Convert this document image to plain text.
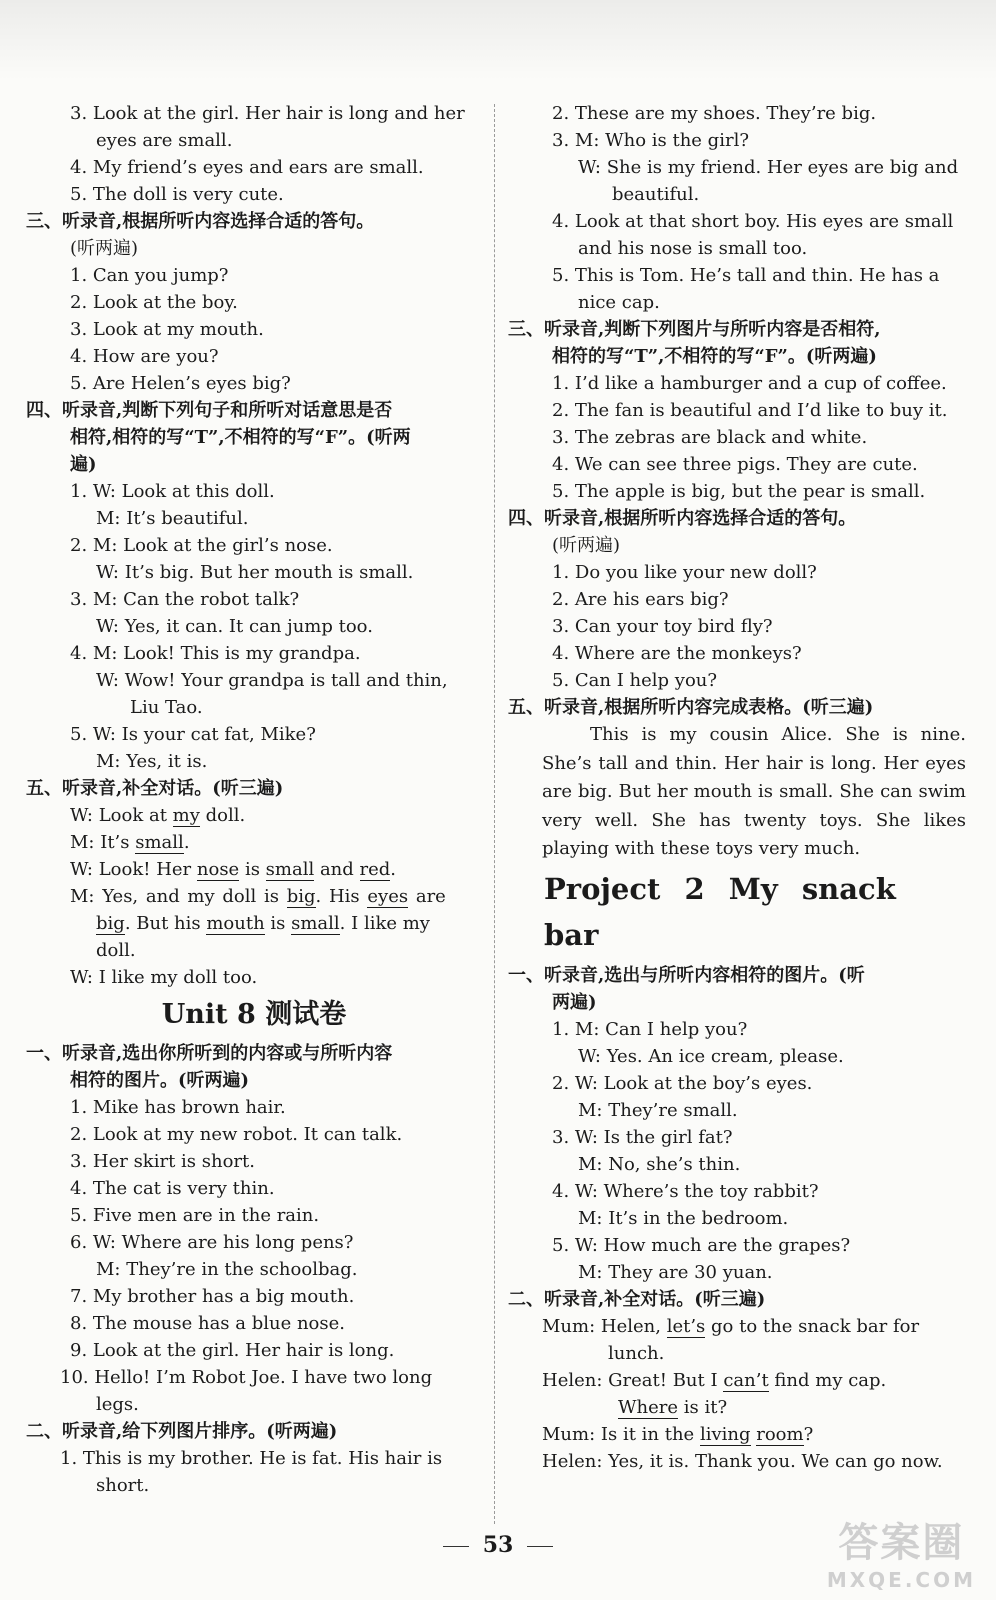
3. Look at the girl. Her hair is long and her
eyes are small.
4. My friend’s eyes and ears are small.
5. The doll is very cute.
三、听录音,根据所听内容选择合适的答句。
(听两遍)
1. Can you jump?
2. Look at the boy.
3. Look at my mouth.
4. How are you?
5. Are Helen’s eyes big?
四、听录音,判断下列句子和所听对话意思是否
相符,相符的写“T”,不相符的写“F”。(听两
遍)
1. W: Look at this doll.
M: It’s beautiful.
2. M: Look at the girl’s nose.
W: It’s big. But her mouth is small.
3. M: Can the robot talk?
W: Yes, it can. It can jump too.
4. M: Look! This is my grandpa.
W: Wow! Your grandpa is tall and thin,
Liu Tao.
5. W: Is your cat fat, Mike?
M: Yes, it is.
五、听录音,补全对话。(听三遍)
W: Look at my doll.
M: It’s small.
W: Look! Her nose is small and red.
M: Yes, and my doll is big. His eyes are
big. But his mouth is small. I like my
doll.
W: I like my doll too.
Unit 8 测试卷
一、听录音,选出你所听到的内容或与所听内容
相符的图片。(听两遍)
1. Mike has brown hair.
2. Look at my new robot. It can talk.
3. Her skirt is short.
4. The cat is very thin.
5. Five men are in the rain.
6. W: Where are his long pens?
M: They’re in the schoolbag.
7. My brother has a big mouth.
8. The mouse has a blue nose.
9. Look at the girl. Her hair is long.
10. Hello! I’m Robot Joe. I have two long
legs.
二、听录音,给下列图片排序。(听两遍)
1. This is my brother. He is fat. His hair is
short.
2. These are my shoes. They’re big.
3. M: Who is the girl?
W: She is my friend. Her eyes are big and
beautiful.
4. Look at that short boy. His eyes are small
and his nose is small too.
5. This is Tom. He’s tall and thin. He has a
nice cap.
三、听录音,判断下列图片与所听内容是否相符,
相符的写“T”,不相符的写“F”。(听两遍)
1. I’d like a hamburger and a cup of coffee.
2. The fan is beautiful and I’d like to buy it.
3. The zebras are black and white.
4. We can see three pigs. They are cute.
5. The apple is big, but the pear is small.
四、听录音,根据所听内容选择合适的答句。
(听两遍)
1. Do you like your new doll?
2. Are his ears big?
3. Can your toy bird fly?
4. Where are the monkeys?
5. Can I help you?
五、听录音,根据所听内容完成表格。(听三遍)
This is my cousin Alice. She is nine. She’s tall and thin. Her hair is long. Her eyes are big. But her mouth is small. She can swim very well. She has twenty toys. She likes playing with these toys very much.
Project 2 My snack bar
一、听录音,选出与所听内容相符的图片。(听
两遍)
1. M: Can I help you?
W: Yes. An ice cream, please.
2. W: Look at the boy’s eyes.
M: They’re small.
3. W: Is the girl fat?
M: No, she’s thin.
4. W: Where’s the toy rabbit?
M: It’s in the bedroom.
5. W: How much are the grapes?
M: They are 30 yuan.
二、听录音,补全对话。(听三遍)
Mum: Helen, let’s go to the snack bar for
lunch.
Helen: Great! But I can’t find my cap.
Where is it?
Mum: Is it in the living room?
Helen: Yes, it is. Thank you. We can go now.
53	答案圈
MXQE.COM
